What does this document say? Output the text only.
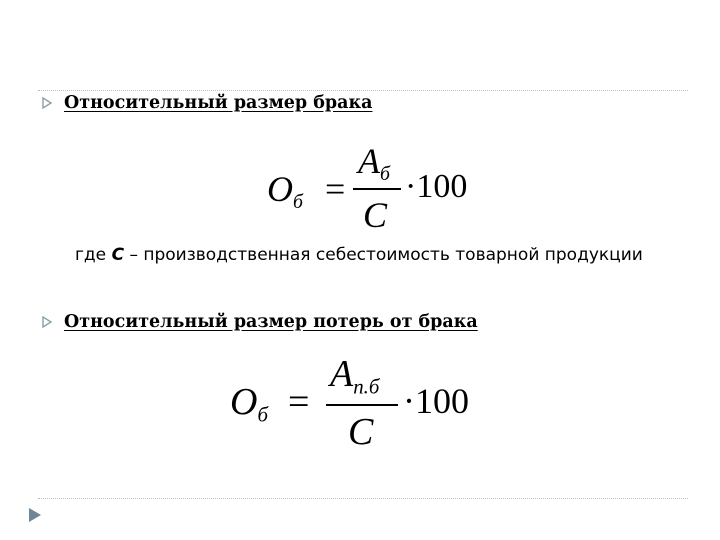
Относительный размер брака
$O_б$ =
$A_б$
C
·100
где C – производственная себестоимость товарной продукции
Относительный размер потерь от брака
$O_б$ =
$A_{п.б}$
C
·100
